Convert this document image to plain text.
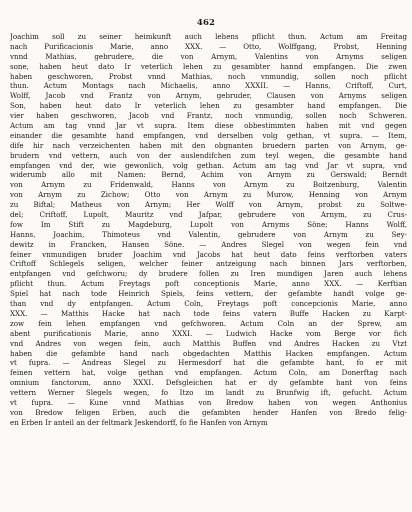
462
Joachim soll zu seiner heimkunft auch lehens pflicht thun. Actum am Freitag
nach Purificacionis Marie, anno XXX. — Otto, Wolffgang, Probst, Henning
vnnd Mathias, gebrudere, die von Arnym, Valentins von Arnyms seligen
sone, haben heut dato Ir veterlich lehen zu gesambter hannd empfangen. Die zwen
haben geschworen, Probst vnnd Mathias, noch vnmundig, sollen noch pflicht
thun. Actum Montags nach Michaelis, anno XXXII. — Hanns, Criftoff, Curt,
Wolff, Jacob vnd Frantz von Arnym, gebruder, Clausen von Arnyms seligen
Son, haben heut dato Ir veterlich lehen zu gesambter hand empfangen. Die
vier haben geschworen, Jacob vnd Frantz, noch vnmundig, sollen noch Schweren.
Actum am tag vnnd Jar vt supra. Item diese obbestimmten haben mit vnd gegen
einander die gesambte hand empfangen, vnd derselben volg gethan, vt supra. — Item,
dife hir nach verzeichenten haben mit den obgnanten bruedern parten von Arnym, ge-
brudern vnd vettern, auch von der auslendifchen zum teyl wegen, die gesambte hand
empfangen vnd der, wie gewonlich, volg gethan. Actum am tag vnd Jar vt supra, vnd
widerumb allo mit Namen: Bernd, Achim von Arnym zu Gerswald; Berndt
von Arnym zu Fridenwald, Hanns von Arnym zu Boitzenburg, Valentin
von Arnym zu Zichow; Otto von Arnym zu Murow, Henning von Arnym
zu Biftal; Matheus von Arnym; Her Wolff von Arnym, probst zu Soltwe-
del; Criftoff, Lupolt, Mauritz vnd Jafpar, gebrudere von Arnym, zu Crus-
fow Im Stift zu Magdeburg, Lupolt von Arnyms Söne; Hanns Wolff,
Hanns, Joachim, Thimoteus vnd Valentin, gebrudere von Arnym zu Sey-
dewitz in Francken, Hansen Söne. — Andres Slegel von wegen fein vnd
feiner vnmundigen bruder Joachim vnd Jacobs hat heut dato feins verftorben vaters
Criftoff Schlegels seligen, welcher feiner antzeigung nach binnen Jars verftorben,
entpfangen vnd gefchworu; dy brudere follen zu Iren mundigen Jaren auch lehens
pflicht thun. Actum Freytags poft conceptionis Marie, anno XXX. — Kerftian
Spiel hat nach tode Heinrich Spiels, feins vettern, der gefambte handt volge ge-
than vnd dy entpfangen. Actum Coln, Freytags poft concepcionis Marie, anno
XXX. — Matthis Hacke hat nach tode feins vatern Buffe Hacken zu Karpt-
zow fein lehen empfangen vnd gefchworen. Actum Coln an der Sprew, am
abent purificationis Marie, anno XXXI. — Ludwich Hacke vom Berge vor fich
vnd Andres von wegen fein, auch Matthis Buffen vnd Andres Hacken zu Vtzt
haben die gefambte hand nach obgedachten Matthis Hacken empfangen. Actum
vt fupra. — Andreas Slegel zu Hermesdorf hat die gefambte hant, fo er mit
feinen vettern hat, volge gethan vnd empfangen. Actum Coln, am Donerftag nach
omnium fanctorum, anno XXXI. Defsgleichen hat er dy gefambte hant von feins
vettern Werner Slegels wegen, fo Itzo im landt zu Brunfwig ift, gefucht. Actum
vt fupra. — Kune vnnd Mathias von Bredow haben von wegen Anthonius
von Bredow feligen Erben, auch die gefambten hender Hanfen von Bredo felig-
en Erben Ir anteil an der feltmark Jeskendorff, fo fie Hanfen von Arnym
